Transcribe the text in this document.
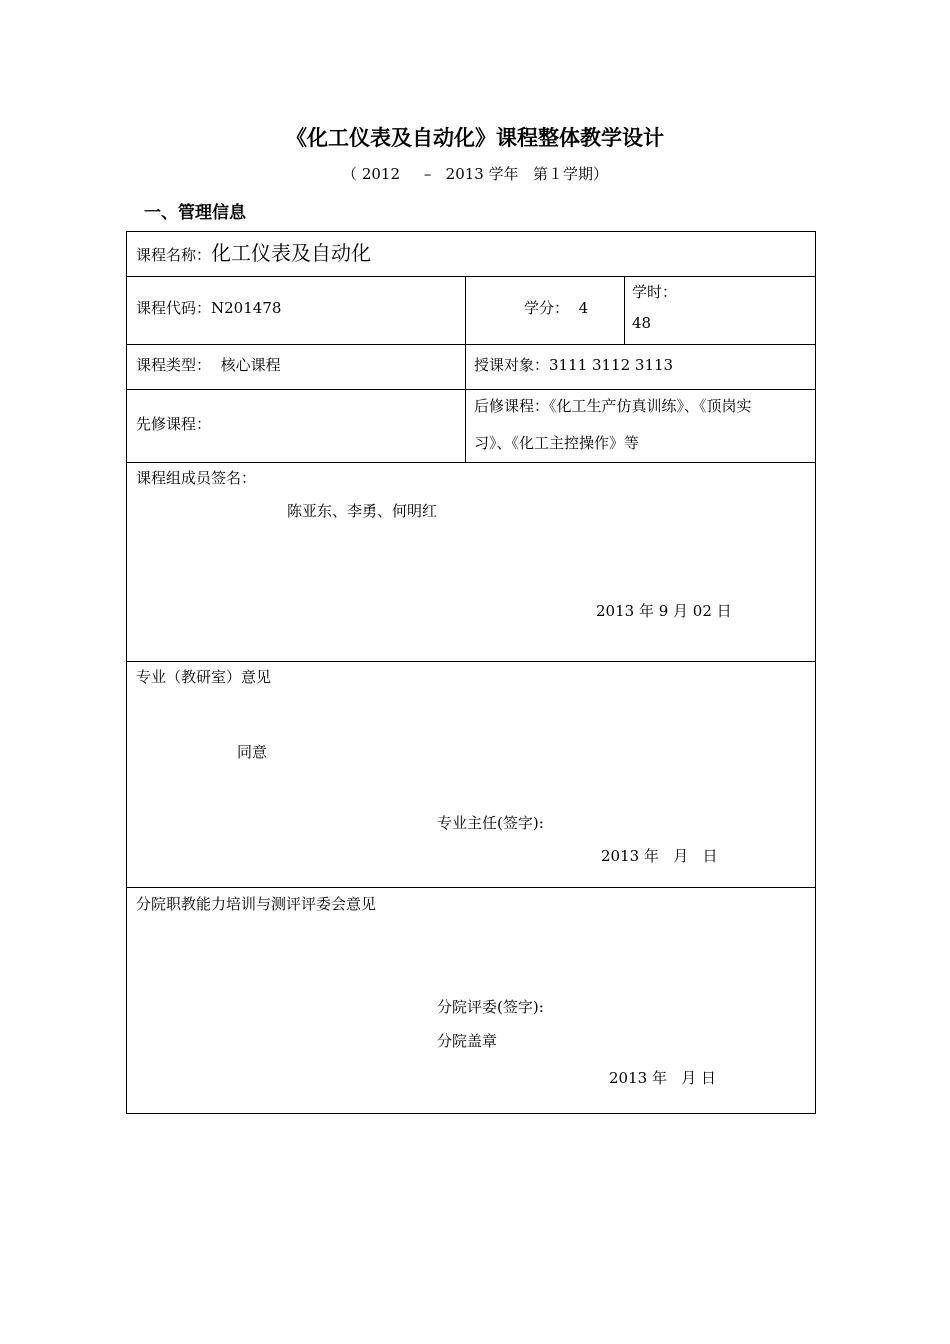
《化工仪表及自动化》课程整体教学设计
（ 2012 – 2013 学年 第１学期）
一、管理信息
课程名称：化工仪表及自动化
课程代码：N201478	学分： 4
学时：
48
课程类型： 核心课程	授课对象：3111 3112 3113
先修课程：
后修课程：《化工生产仿真训练》、《顶岗实
习》、《化工主控操作》等
课程组成员签名：
陈亚东、李勇、何明红
2013 年 9 月 02 日
专业（教研室）意见
同意
专业主任(签字):
2013 年   月   日
分院职教能力培训与测评评委会意见
分院评委(签字):
分院盖章
2013 年   月 日
